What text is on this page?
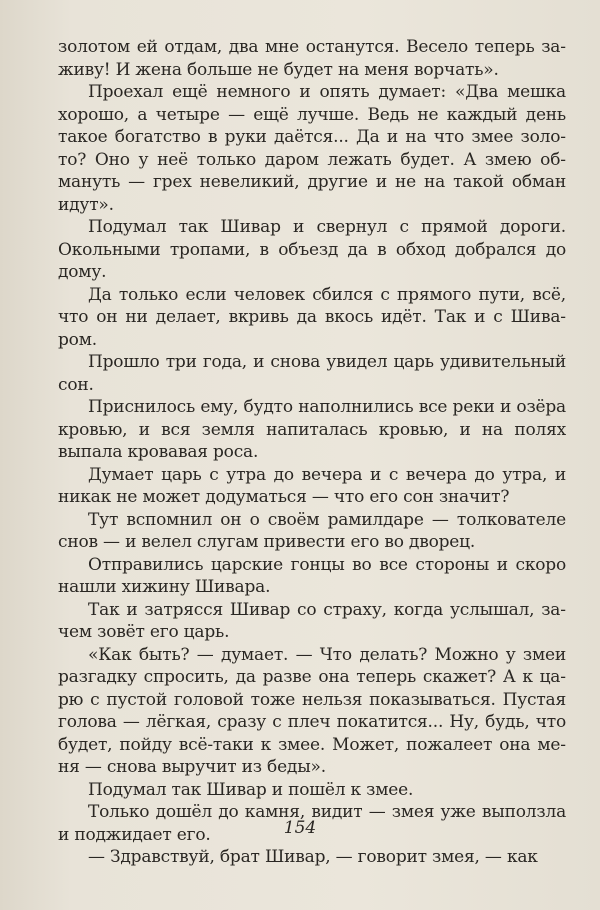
золотом ей отдам, два мне останутся. Весело теперь заживу! И жена больше не будет на меня ворчать».

Проехал ещё немного и опять думает: «Два мешка хорошо, а четыре — ещё лучше. Ведь не каждый день такое богатство в руки даётся... Да и на что змее золото? Оно у неё только даром лежать будет. А змею обмануть — грех невеликий, другие и не на такой обман идут».

Подумал так Шивар и свернул с прямой дороги. Окольными тропами, в объезд да в обход добрался до дому.

Да только если человек сбился с прямого пути, всё, что он ни делает, вкривь да вкось идёт. Так и с Шиваром.

Прошло три года, и снова увидел царь удивительный сон.

Приснилось ему, будто наполнились все реки и озёра кровью, и вся земля напиталась кровью, и на полях выпала кровавая роса.

Думает царь с утра до вечера и с вечера до утра, и никак не может додуматься — что его сон значит?

Тут вспомнил он о своём рамилдаре — толкователе снов — и велел слугам привести его во дворец.

Отправились царские гонцы во все стороны и скоро нашли хижину Шивара.

Так и затрясся Шивар со страху, когда услышал, зачем зовёт его царь.

«Как быть? — думает. — Что делать? Можно у змеи разгадку спросить, да разве она теперь скажет? А к царю с пустой головой тоже нельзя показываться. Пустая голова — лёгкая, сразу с плеч покатится... Ну, будь, что будет, пойду всё-таки к змее. Может, пожалеет она меня — снова выручит из беды».

Подумал так Шивар и пошёл к змее.

Только дошёл до камня, видит — змея уже выползла и поджидает его.

— Здравствуй, брат Шивар, — говорит змея, — как

154
